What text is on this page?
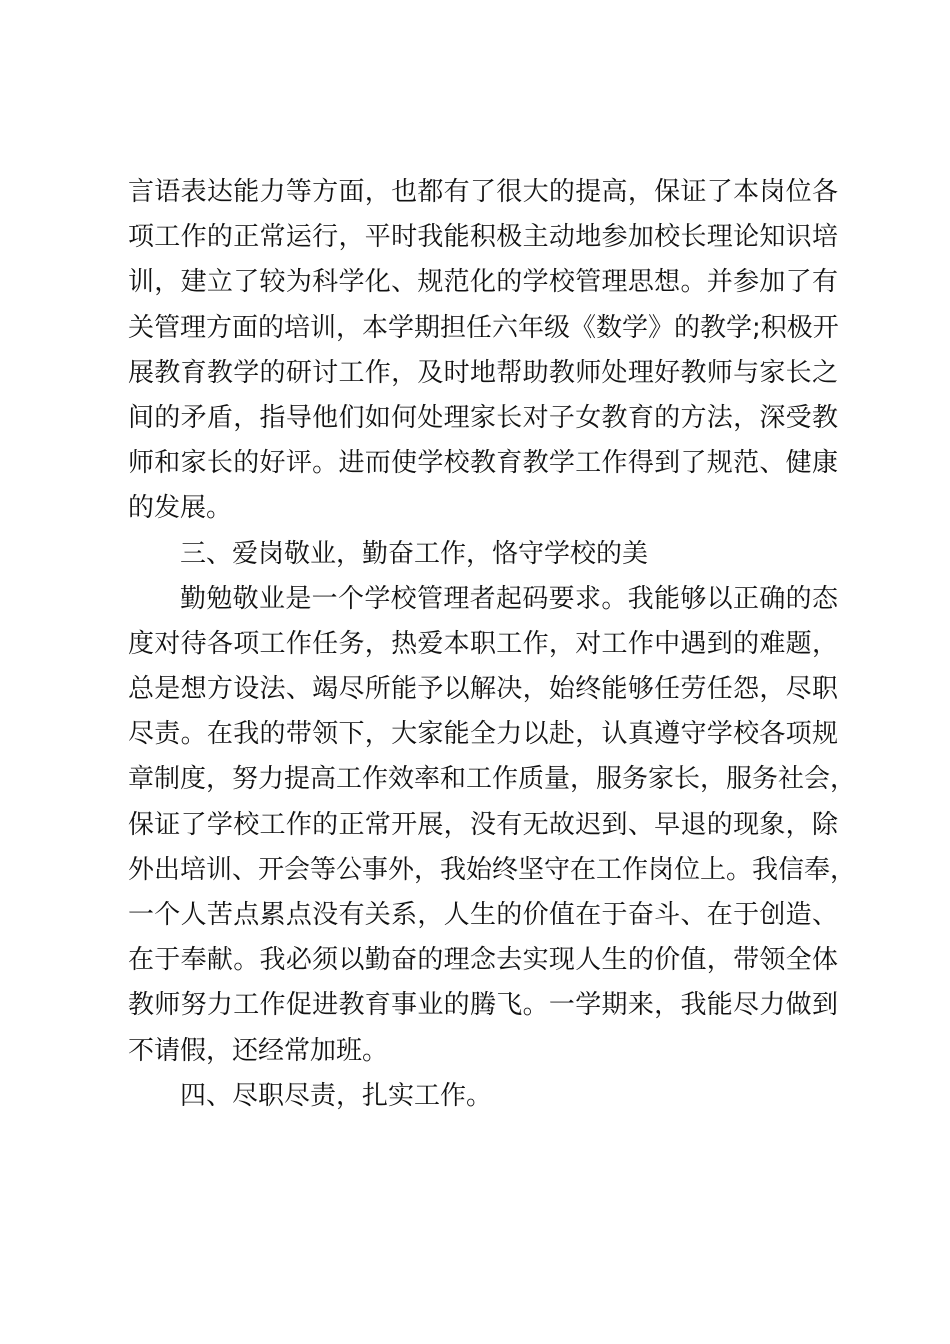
言语表达能力等方面，也都有了很大的提高，保证了本岗位各
项工作的正常运行，平时我能积极主动地参加校长理论知识培
训，建立了较为科学化、规范化的学校管理思想。并参加了有
关管理方面的培训，本学期担任六年级《数学》的教学;积极开
展教育教学的研讨工作，及时地帮助教师处理好教师与家长之
间的矛盾，指导他们如何处理家长对子女教育的方法，深受教
师和家长的好评。进而使学校教育教学工作得到了规范、健康
的发展。
三、爱岗敬业，勤奋工作，恪守学校的美
勤勉敬业是一个学校管理者起码要求。我能够以正确的态
度对待各项工作任务，热爱本职工作，对工作中遇到的难题，
总是想方设法、竭尽所能予以解决，始终能够任劳任怨，尽职
尽责。在我的带领下，大家能全力以赴，认真遵守学校各项规
章制度，努力提高工作效率和工作质量，服务家长，服务社会，
保证了学校工作的正常开展，没有无故迟到、早退的现象，除
外出培训、开会等公事外，我始终坚守在工作岗位上。我信奉，
一个人苦点累点没有关系，人生的价值在于奋斗、在于创造、
在于奉献。我必须以勤奋的理念去实现人生的价值，带领全体
教师努力工作促进教育事业的腾飞。一学期来，我能尽力做到
不请假，还经常加班。
四、尽职尽责，扎实工作。
